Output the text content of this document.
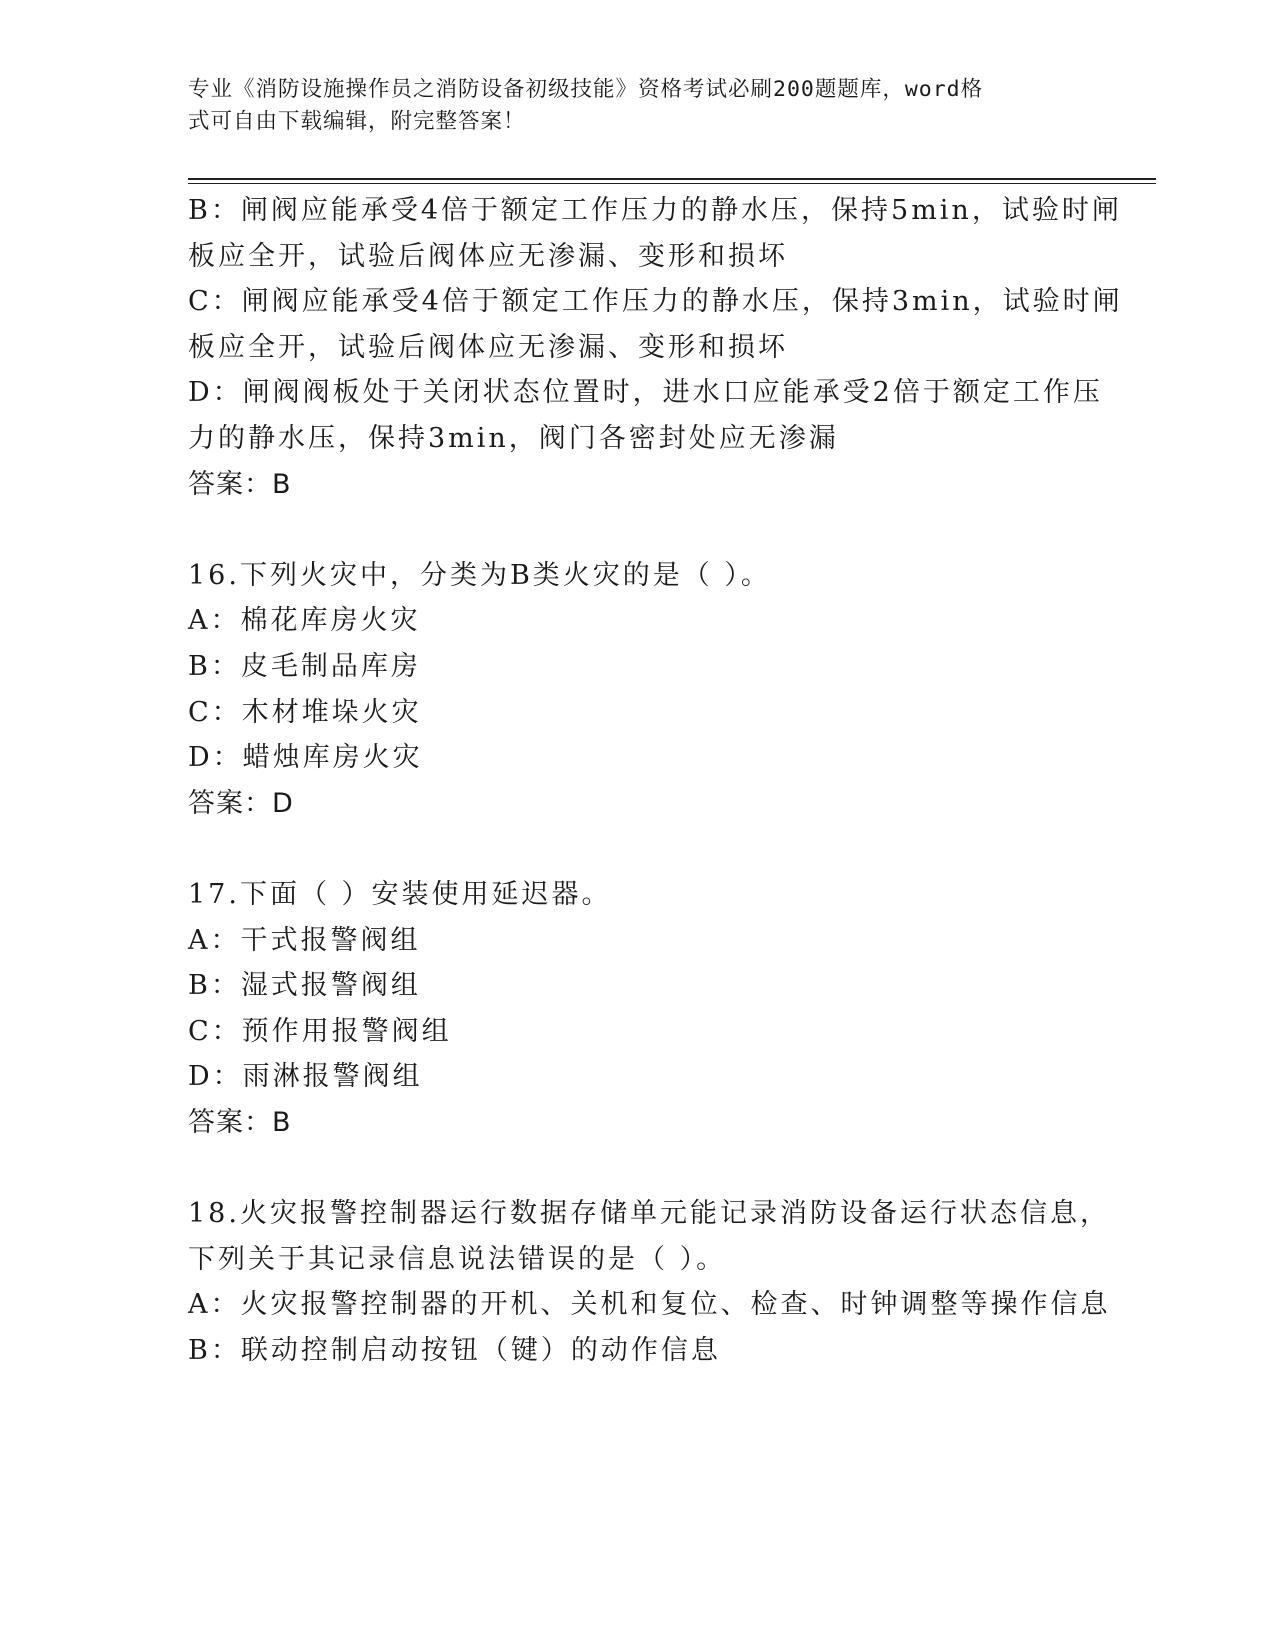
专业《消防设施操作员之消防设备初级技能》资格考试必刷200题题库，word格
式可自由下载编辑，附完整答案！
B：闸阀应能承受4倍于额定工作压力的静水压，保持5min，试验时闸
板应全开，试验后阀体应无渗漏、变形和损坏
C：闸阀应能承受4倍于额定工作压力的静水压，保持3min，试验时闸
板应全开，试验后阀体应无渗漏、变形和损坏
D：闸阀阀板处于关闭状态位置时，进水口应能承受2倍于额定工作压
力的静水压，保持3min，阀门各密封处应无渗漏
答案：B
16.下列火灾中，分类为B类火灾的是（ ）。
A：棉花库房火灾
B：皮毛制品库房
C：木材堆垛火灾
D：蜡烛库房火灾
答案：D
17.下面（ ）安装使用延迟器。
A：干式报警阀组
B：湿式报警阀组
C：预作用报警阀组
D：雨淋报警阀组
答案：B
18.火灾报警控制器运行数据存储单元能记录消防设备运行状态信息，
下列关于其记录信息说法错误的是（ ）。
A：火灾报警控制器的开机、关机和复位、检查、时钟调整等操作信息
B：联动控制启动按钮（键）的动作信息
